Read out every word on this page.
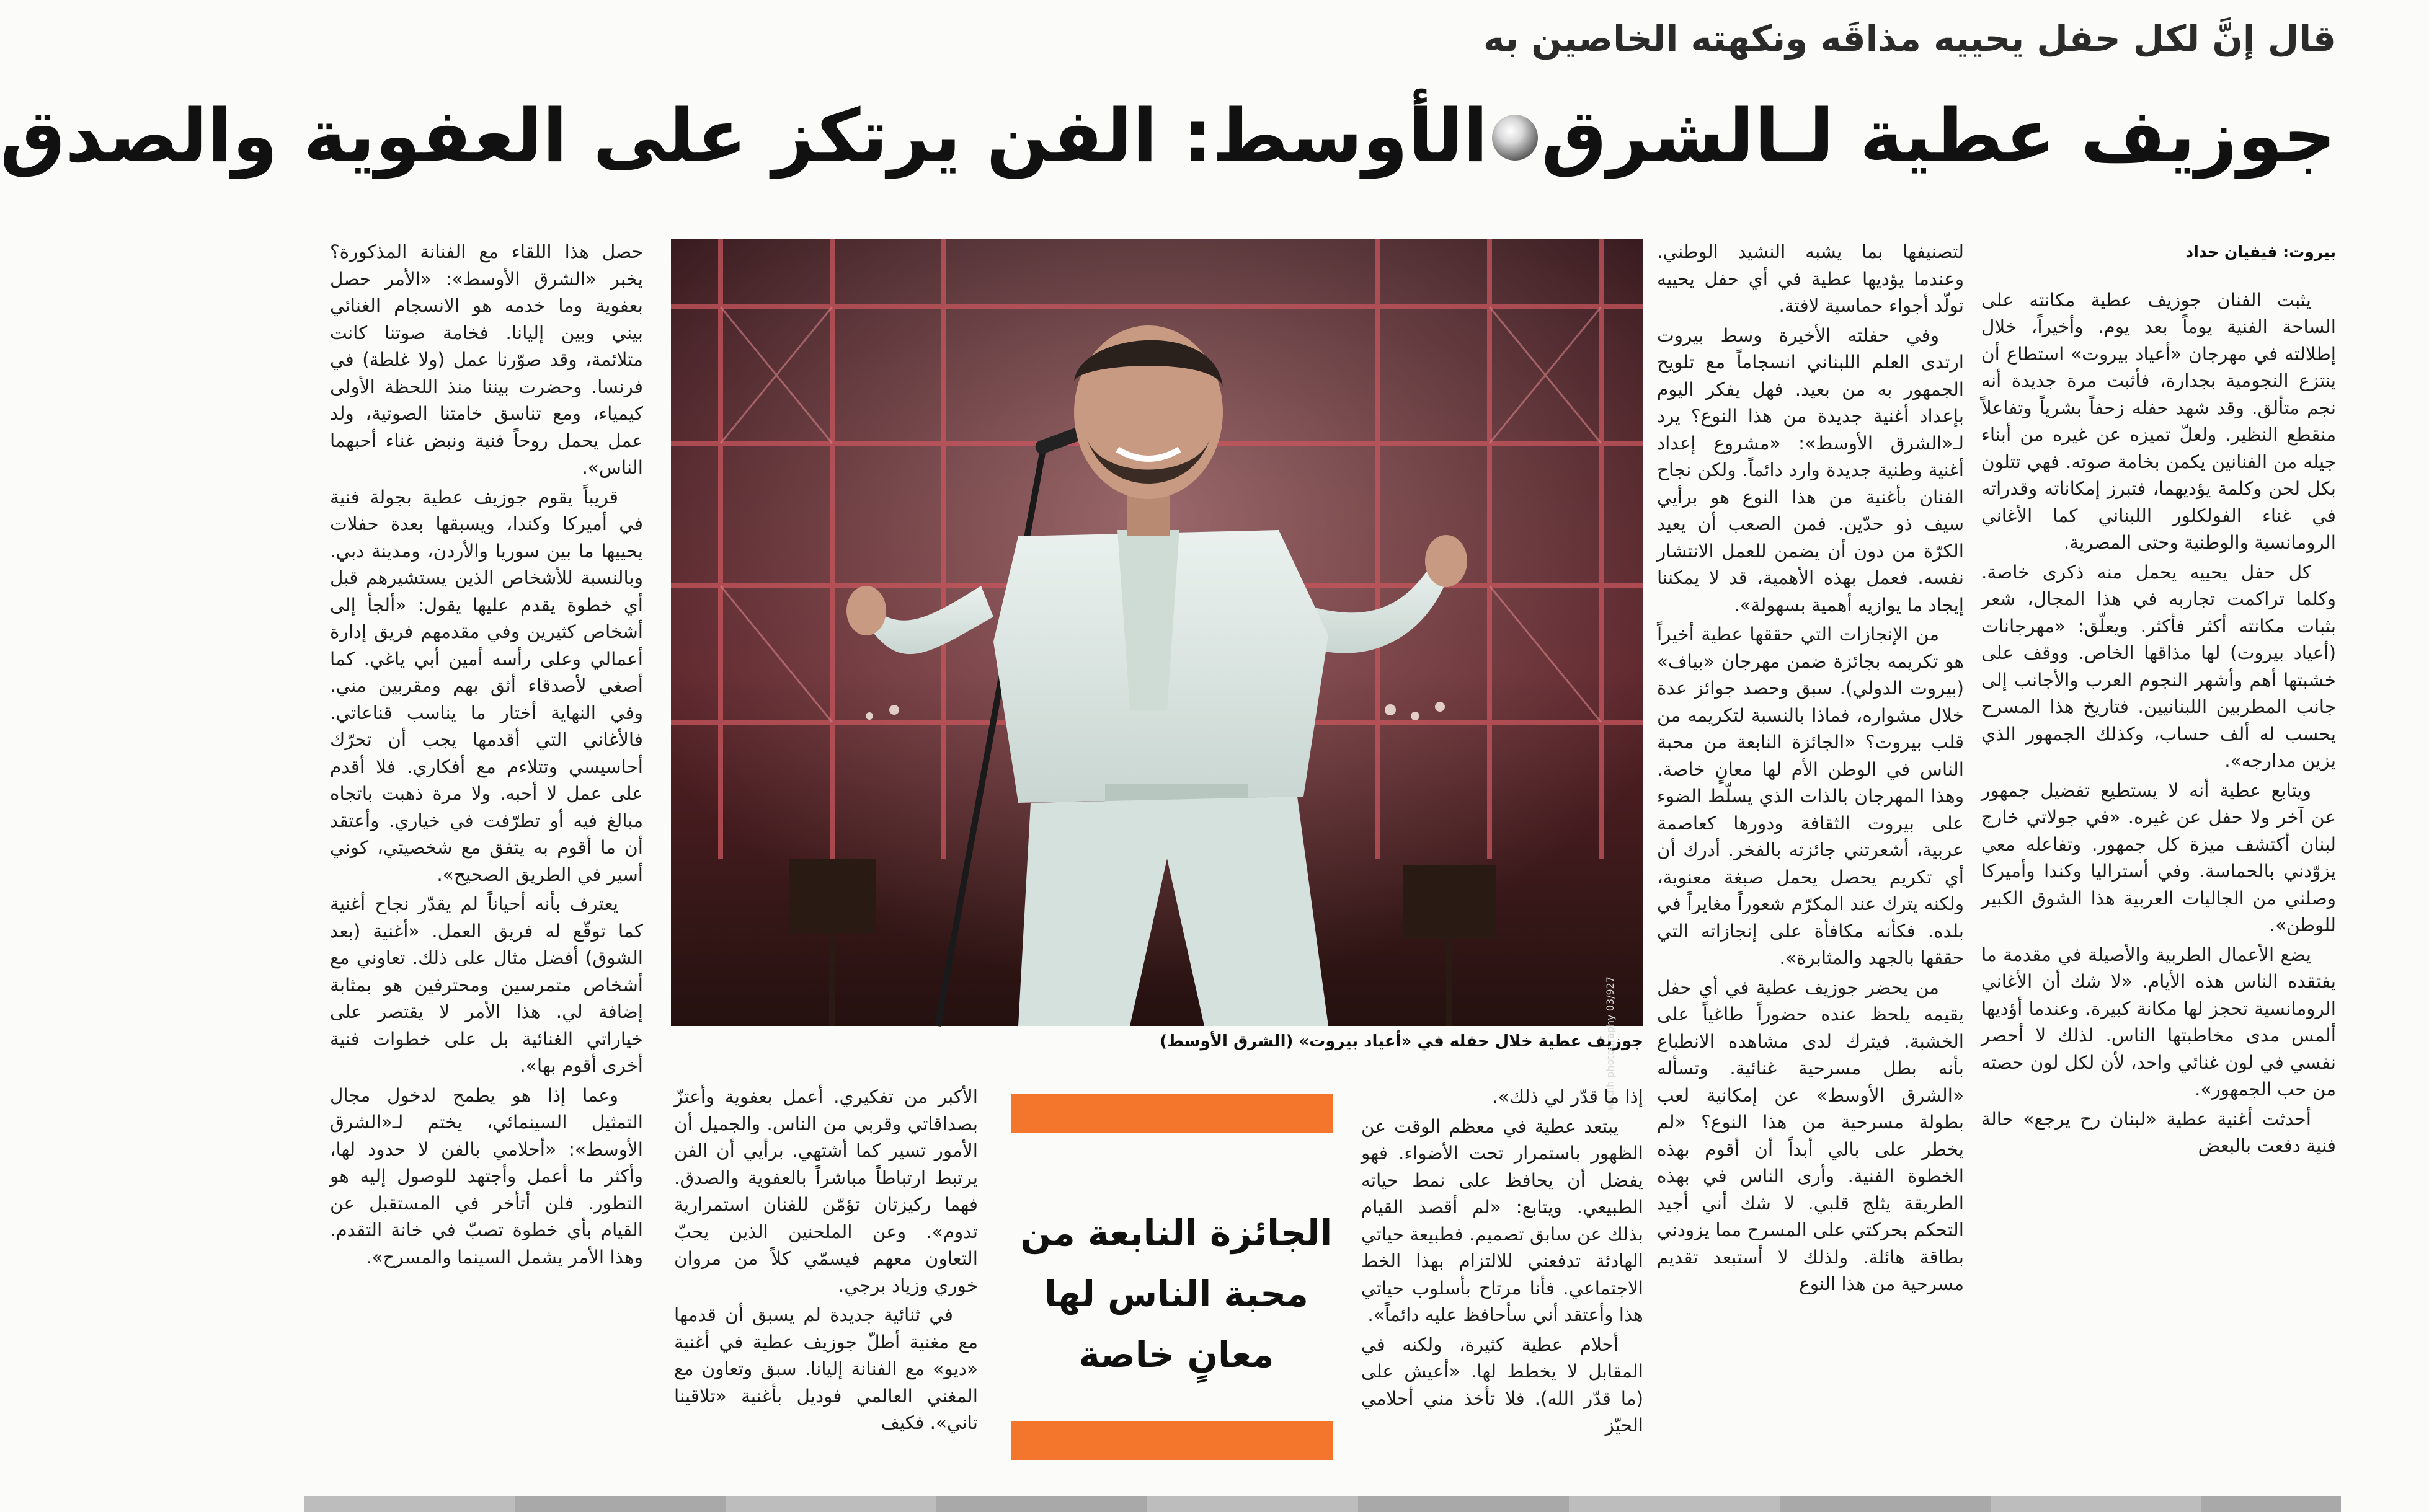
قال إنَّ لكل حفل يحييه مذاقَه ونكهته الخاصين به
جوزيف عطية لـالشرقالأوسط: الفن يرتكز على العفوية والصدق
بيروت: فيفيان حداد

يثبت الفنان جوزيف عطية مكانته على الساحة الفنية يوماً بعد يوم. وأخيراً، خلال إطلالته في مهرجان «أعياد بيروت» استطاع أن ينتزع النجومية بجدارة، فأثبت مرة جديدة أنه نجم متألق. وقد شهد حفله زحفاً بشرياً وتفاعلاً منقطع النظير. ولعلّ تميزه عن غيره من أبناء جيله من الفنانين يكمن بخامة صوته. فهي تتلون بكل لحن وكلمة يؤديهما، فتبرز إمكاناته وقدراته في غناء الفولكلور اللبناني كما الأغاني الرومانسية والوطنية وحتى المصرية.

كل حفل يحييه يحمل منه ذكرى خاصة. وكلما تراكمت تجاربه في هذا المجال، شعر بثبات مكانته أكثر فأكثر. ويعلّق: «مهرجانات (أعياد بيروت) لها مذاقها الخاص. ووقف على خشبتها أهم وأشهر النجوم العرب والأجانب إلى جانب المطربين اللبنانيين. فتاريخ هذا المسرح يحسب له ألف حساب، وكذلك الجمهور الذي يزين مدارجه».

ويتابع عطية أنه لا يستطيع تفضيل جمهور عن آخر ولا حفل عن غيره. «في جولاتي خارج لبنان أكتشف ميزة كل جمهور. وتفاعله معي يزوّدني بالحماسة. وفي أستراليا وكندا وأميركا وصلني من الجاليات العربية هذا الشوق الكبير للوطن».

يضع الأعمال الطربية والأصيلة في مقدمة ما يفتقده الناس هذه الأيام. «لا شك أن الأغاني الرومانسية تحجز لها مكانة كبيرة. وعندما أؤديها ألمس مدى مخاطبتها الناس. لذلك لا أحصر نفسي في لون غنائي واحد، لأن لكل لون حصته من حب الجمهور».

أحدثت أغنية عطية «لبنان رح يرجع» حالة فنية دفعت بالبعض

لتصنيفها بما يشبه النشيد الوطني. وعندما يؤديها عطية في أي حفل يحييه تولّد أجواء حماسية لافتة.

وفي حفلته الأخيرة وسط بيروت ارتدى العلم اللبناني انسجاماً مع تلويح الجمهور به من بعيد. فهل يفكر اليوم بإعداد أغنية جديدة من هذا النوع؟ يرد لـ«الشرق الأوسط»: «مشروع إعداد أغنية وطنية جديدة وارد دائماً. ولكن نجاح الفنان بأغنية من هذا النوع هو برأيي سيف ذو حدّين. فمن الصعب أن يعيد الكرّة من دون أن يضمن للعمل الانتشار نفسه. فعمل بهذه الأهمية، قد لا يمكننا إيجاد ما يوازيه أهمية بسهولة».

من الإنجازات التي حققها عطية أخيراً هو تكريمه بجائزة ضمن مهرجان «بياف» (بيروت الدولي). سبق وحصد جوائز عدة خلال مشواره، فماذا بالنسبة لتكريمه من قلب بيروت؟ «الجائزة النابعة من محبة الناس في الوطن الأم لها معانٍ خاصة. وهذا المهرجان بالذات الذي يسلّط الضوء على بيروت الثقافة ودورها كعاصمة عربية، أشعرتني جائزته بالفخر. أدرك أن أي تكريم يحصل يحمل صبغة معنوية، ولكنه يترك عند المكرّم شعوراً مغايراً في بلده. فكأنه مكافأة على إنجازاته التي حققها بالجهد والمثابرة».

من يحضر جوزيف عطية في أي حفل يقيمه يلحظ عنده حضوراً طاغياً على الخشبة. فيترك لدى مشاهده الانطباع بأنه بطل مسرحية غنائية. وتسأله «الشرق الأوسط» عن إمكانية لعب بطولة مسرحية من هذا النوع؟ «لم يخطر على بالي أبداً أن أقوم بهذه الخطوة الفنية. وأرى الناس في بهذه الطريقة يثلج قلبي. لا شك أني أجيد التحكم بحركتي على المسرح مما يزودني بطاقة هائلة. ولذلك لا أستبعد تقديم مسرحية من هذا النوع

wadih photography 03/927
جوزيف عطية خلال حفله في «أعياد بيروت» (الشرق الأوسط)

إذا ما قدّر لي ذلك».

يبتعد عطية في معظم الوقت عن الظهور باستمرار تحت الأضواء. فهو يفضل أن يحافظ على نمط حياته الطبيعي. ويتابع: «لم أقصد القيام بذلك عن سابق تصميم. فطبيعة حياتي الهادئة تدفعني للالتزام بهذا الخط الاجتماعي. فأنا مرتاح بأسلوب حياتي هذا وأعتقد أني سأحافظ عليه دائماً».

أحلام عطية كثيرة، ولكنه في المقابل لا يخطط لها. «أعيش على (ما قدّر الله). فلا تأخذ مني أحلامي الحيّز

الجائزة النابعة من محبة الناس لها معانٍ خاصة

الأكبر من تفكيري. أعمل بعفوية وأعتزّ بصداقاتي وقربي من الناس. والجميل أن الأمور تسير كما أشتهي. برأيي أن الفن يرتبط ارتباطاً مباشراً بالعفوية والصدق. فهما ركيزتان تؤمّن للفنان استمرارية تدوم». وعن الملحنين الذين يحبّ التعاون معهم فيسمّي كلاً من مروان خوري وزياد برجي.

في ثنائية جديدة لم يسبق أن قدمها مع مغنية أطلّ جوزيف عطية في أغنية «ديو» مع الفنانة إليانا. سبق وتعاون مع المغني العالمي فوديل بأغنية «تلاقينا تاني». فكيف

حصل هذا اللقاء مع الفنانة المذكورة؟ يخبر «الشرق الأوسط»: «الأمر حصل بعفوية وما خدمه هو الانسجام الغنائي بيني وبين إليانا. فخامة صوتنا كانت متلائمة، وقد صوّرنا عمل (ولا غلطة) في فرنسا. وحضرت بيننا منذ اللحظة الأولى كيمياء، ومع تناسق خامتنا الصوتية، ولد عمل يحمل روحاً فنية ونبض غناء أحبهما الناس».

قريباً يقوم جوزيف عطية بجولة فنية في أميركا وكندا، ويسبقها بعدة حفلات يحييها ما بين سوريا والأردن، ومدينة دبي. وبالنسبة للأشخاص الذين يستشيرهم قبل أي خطوة يقدم عليها يقول: «ألجأ إلى أشخاص كثيرين وفي مقدمهم فريق إدارة أعمالي وعلى رأسه أمين أبي ياغي. كما أصغي لأصدقاء أثق بهم ومقربين مني. وفي النهاية أختار ما يناسب قناعاتي. فالأغاني التي أقدمها يجب أن تحرّك أحاسيسي وتتلاءم مع أفكاري. فلا أقدم على عمل لا أحبه. ولا مرة ذهبت باتجاه مبالغ فيه أو تطرّفت في خياري. وأعتقد أن ما أقوم به يتفق مع شخصيتي، كوني أسير في الطريق الصحيح».

يعترف بأنه أحياناً لم يقدّر نجاح أغنية كما توقّع له فريق العمل. «أغنية (بعد الشوق) أفضل مثال على ذلك. تعاوني مع أشخاص متمرسين ومحترفين هو بمثابة إضافة لي. هذا الأمر لا يقتصر على خياراتي الغنائية بل على خطوات فنية أخرى أقوم بها».

وعما إذا هو يطمح لدخول مجال التمثيل السينمائي، يختم لـ«الشرق الأوسط»: «أحلامي بالفن لا حدود لها، وأكثر ما أعمل وأجتهد للوصول إليه هو التطور. فلن أتأخر في المستقبل عن القيام بأي خطوة تصبّ في خانة التقدم. وهذا الأمر يشمل السينما والمسرح».
